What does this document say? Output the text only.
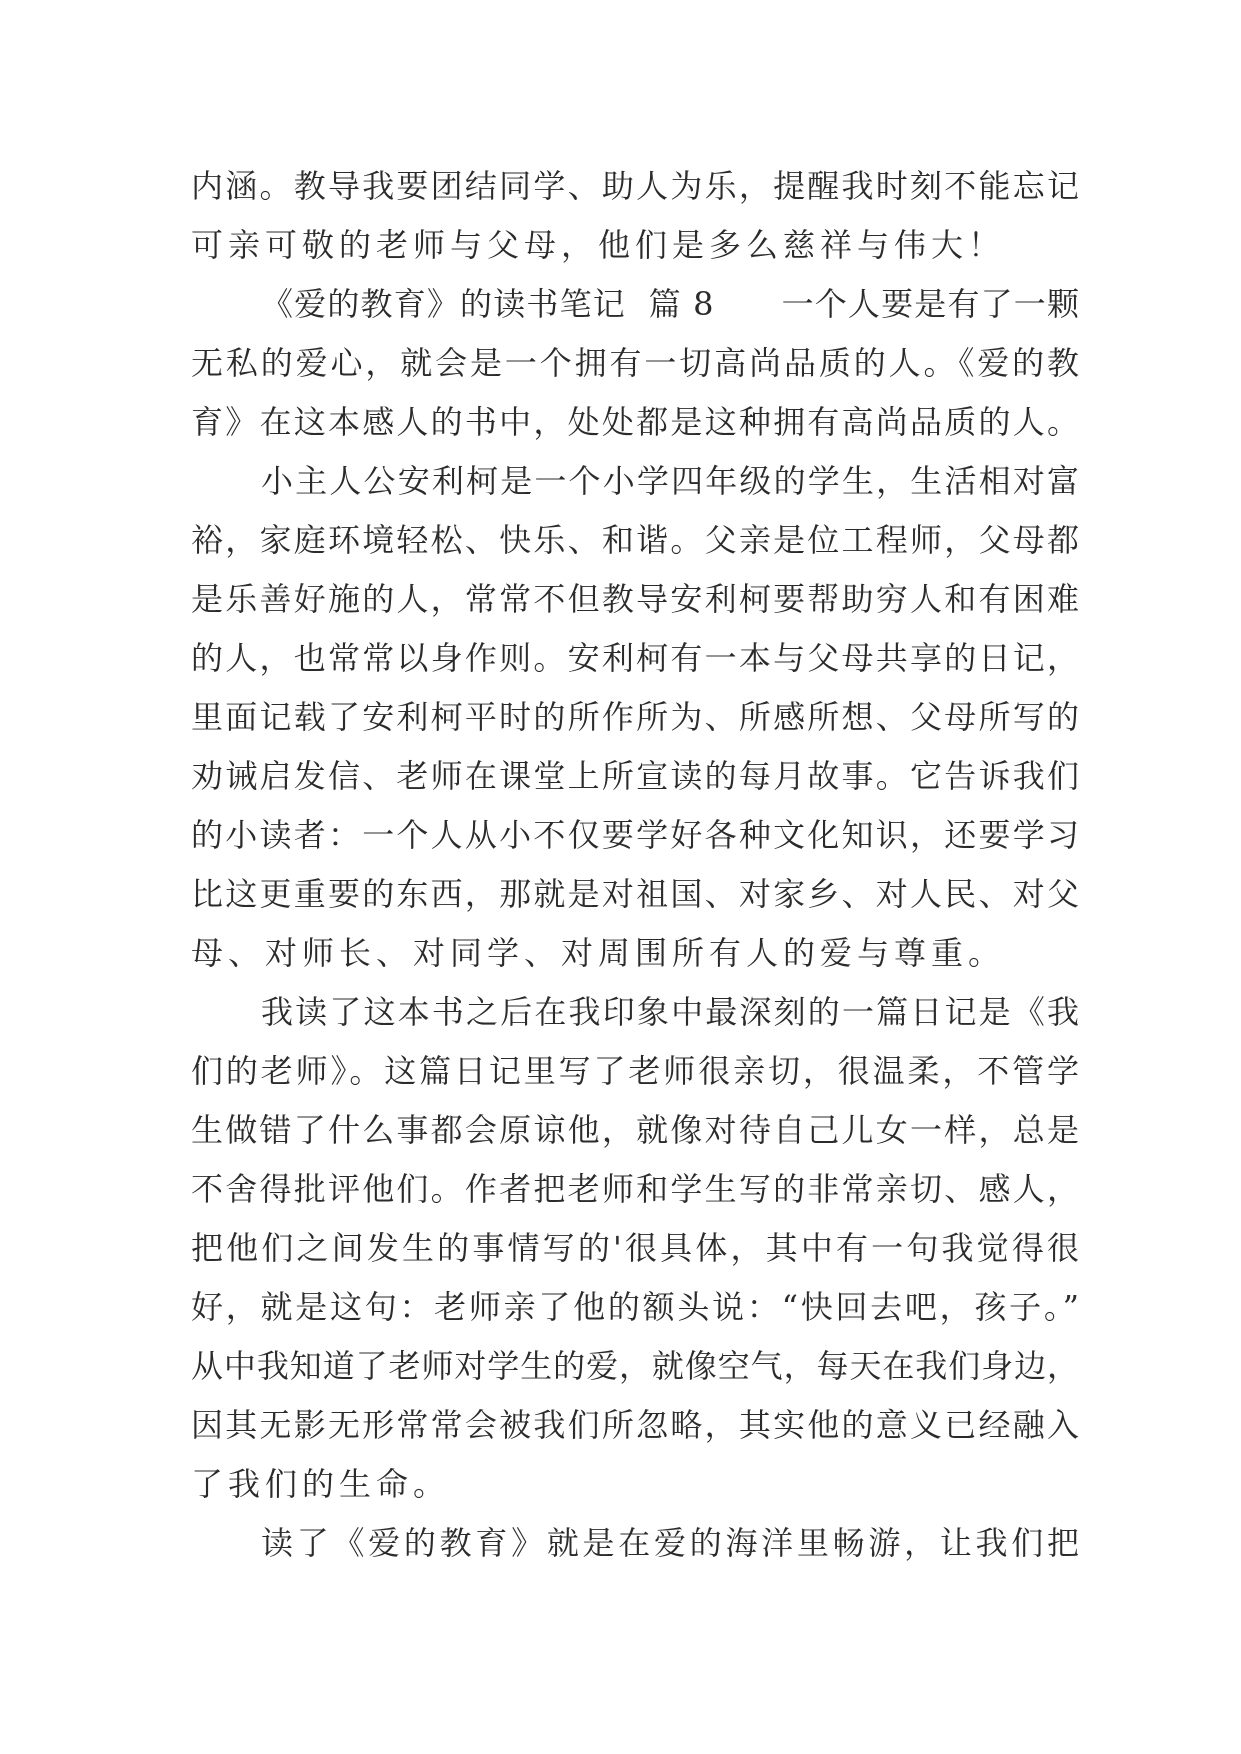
内涵。教导我要团结同学、助人为乐，提醒我时刻不能忘记
可亲可敬的老师与父母，他们是多么慈祥与伟大！
《爱的教育》的读书笔记  篇 8      一个人要是有了一颗
无私的爱心，就会是一个拥有一切高尚品质的人。《爱的教
育》在这本感人的书中，处处都是这种拥有高尚品质的人。
小主人公安利柯是一个小学四年级的学生，生活相对富
裕，家庭环境轻松、快乐、和谐。父亲是位工程师，父母都
是乐善好施的人，常常不但教导安利柯要帮助穷人和有困难
的人，也常常以身作则。安利柯有一本与父母共享的日记，
里面记载了安利柯平时的所作所为、所感所想、父母所写的
劝诫启发信、老师在课堂上所宣读的每月故事。它告诉我们
的小读者：一个人从小不仅要学好各种文化知识，还要学习
比这更重要的东西，那就是对祖国、对家乡、对人民、对父
母、对师长、对同学、对周围所有人的爱与尊重。
我读了这本书之后在我印象中最深刻的一篇日记是《我
们的老师》。这篇日记里写了老师很亲切，很温柔，不管学
生做错了什么事都会原谅他，就像对待自己儿女一样，总是
不舍得批评他们。作者把老师和学生写的非常亲切、感人，
把他们之间发生的事情写的'很具体，其中有一句我觉得很
好，就是这句：老师亲了他的额头说：“快回去吧，孩子。”
从中我知道了老师对学生的爱，就像空气，每天在我们身边，
因其无影无形常常会被我们所忽略，其实他的意义已经融入
了我们的生命。
读了《爱的教育》就是在爱的海洋里畅游，让我们把
